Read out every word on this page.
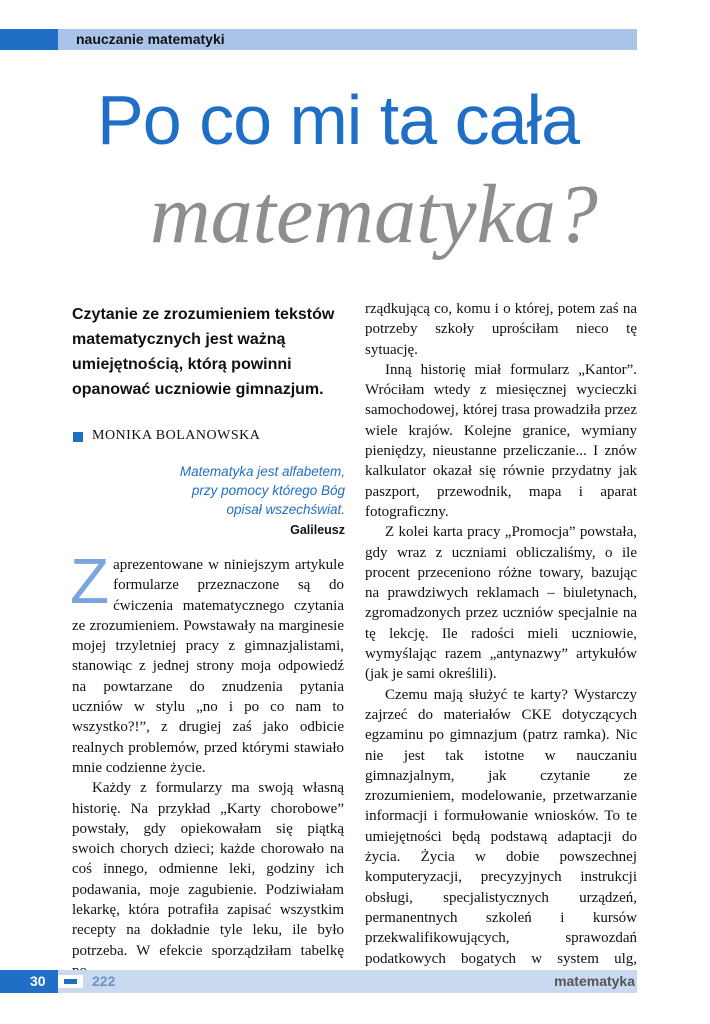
nauczanie matematyki
Po co mi ta cała
matematyka?
Czytanie ze zrozumieniem tekstów matematycznych jest ważną umiejętnością, którą powinni opanować uczniowie gimnazjum.
MONIKA BOLANOWSKA
Matematyka jest alfabetem, przy pomocy którego Bóg opisał wszechświat.
Galileusz

Zaprezentowane w niniejszym artykule formularze przeznaczone są do ćwiczenia matematycznego czytania ze zrozumieniem. Powstawały na marginesie mojej trzyletniej pracy z gimnazjalistami, stanowiąc z jednej strony moja odpowiedź na powtarzane do znudzenia pytania uczniów w stylu „no i po co nam to wszystko?!”, z drugiej zaś jako odbicie realnych problemów, przed którymi stawiało mnie codzienne życie.

Każdy z formularzy ma swoją własną historię. Na przykład „Karty chorobowe” powstały, gdy opiekowałam się piątką swoich chorych dzieci; każde chorowało na coś innego, odmienne leki, godziny ich podawania, moje zagubienie. Podziwiałam lekarkę, która potrafiła zapisać wszystkim recepty na dokładnie tyle leku, ile było potrzeba. W efekcie sporządziłam tabelkę

rządkującą co, komu i o której, potem zaś na potrzeby szkoły uprościłam nieco tę sytuację.

Inną historię miał formularz „Kantor”. Wróciłam wtedy z miesięcznej wycieczki samochodowej, której trasa prowadziła przez wiele krajów. Kolejne granice, wymiany pieniędzy, nieustanne przeliczanie... I znów kalkulator okazał się równie przydatny jak paszport, przewodnik, mapa i aparat fotograficzny.

Z kolei karta pracy „Promocja” powstała, gdy wraz z uczniami obliczaliśmy, o ile procent przeceniono różne towary, bazując na prawdziwych reklamach – biuletynach, zgromadzonych przez uczniów specjalnie na tę lekcję. Ile radości mieli uczniowie, wymyślając razem „antynazwy” artykułów (jak je sami określili).

Czemu mają służyć te karty? Wystarczy zajrzeć do materiałów CKE dotyczących egzaminu po gimnazjum (patrz ramka). Nic nie jest tak istotne w nauczaniu gimnazjalnym, jak czytanie ze zrozumieniem, modelowanie, przetwarzanie informacji i formułowanie wniosków. To te umiejętności będą podstawą adaptacji do życia. Życia w dobie powszechnej komputeryzacji, precyzyjnych instrukcji obsługi, specjalistycznych urządzeń, permanentnych szkoleń i kursów przekwalifikowujących, sprawozdań podatkowych bogatych w system ulg,

30	222	matematyka
